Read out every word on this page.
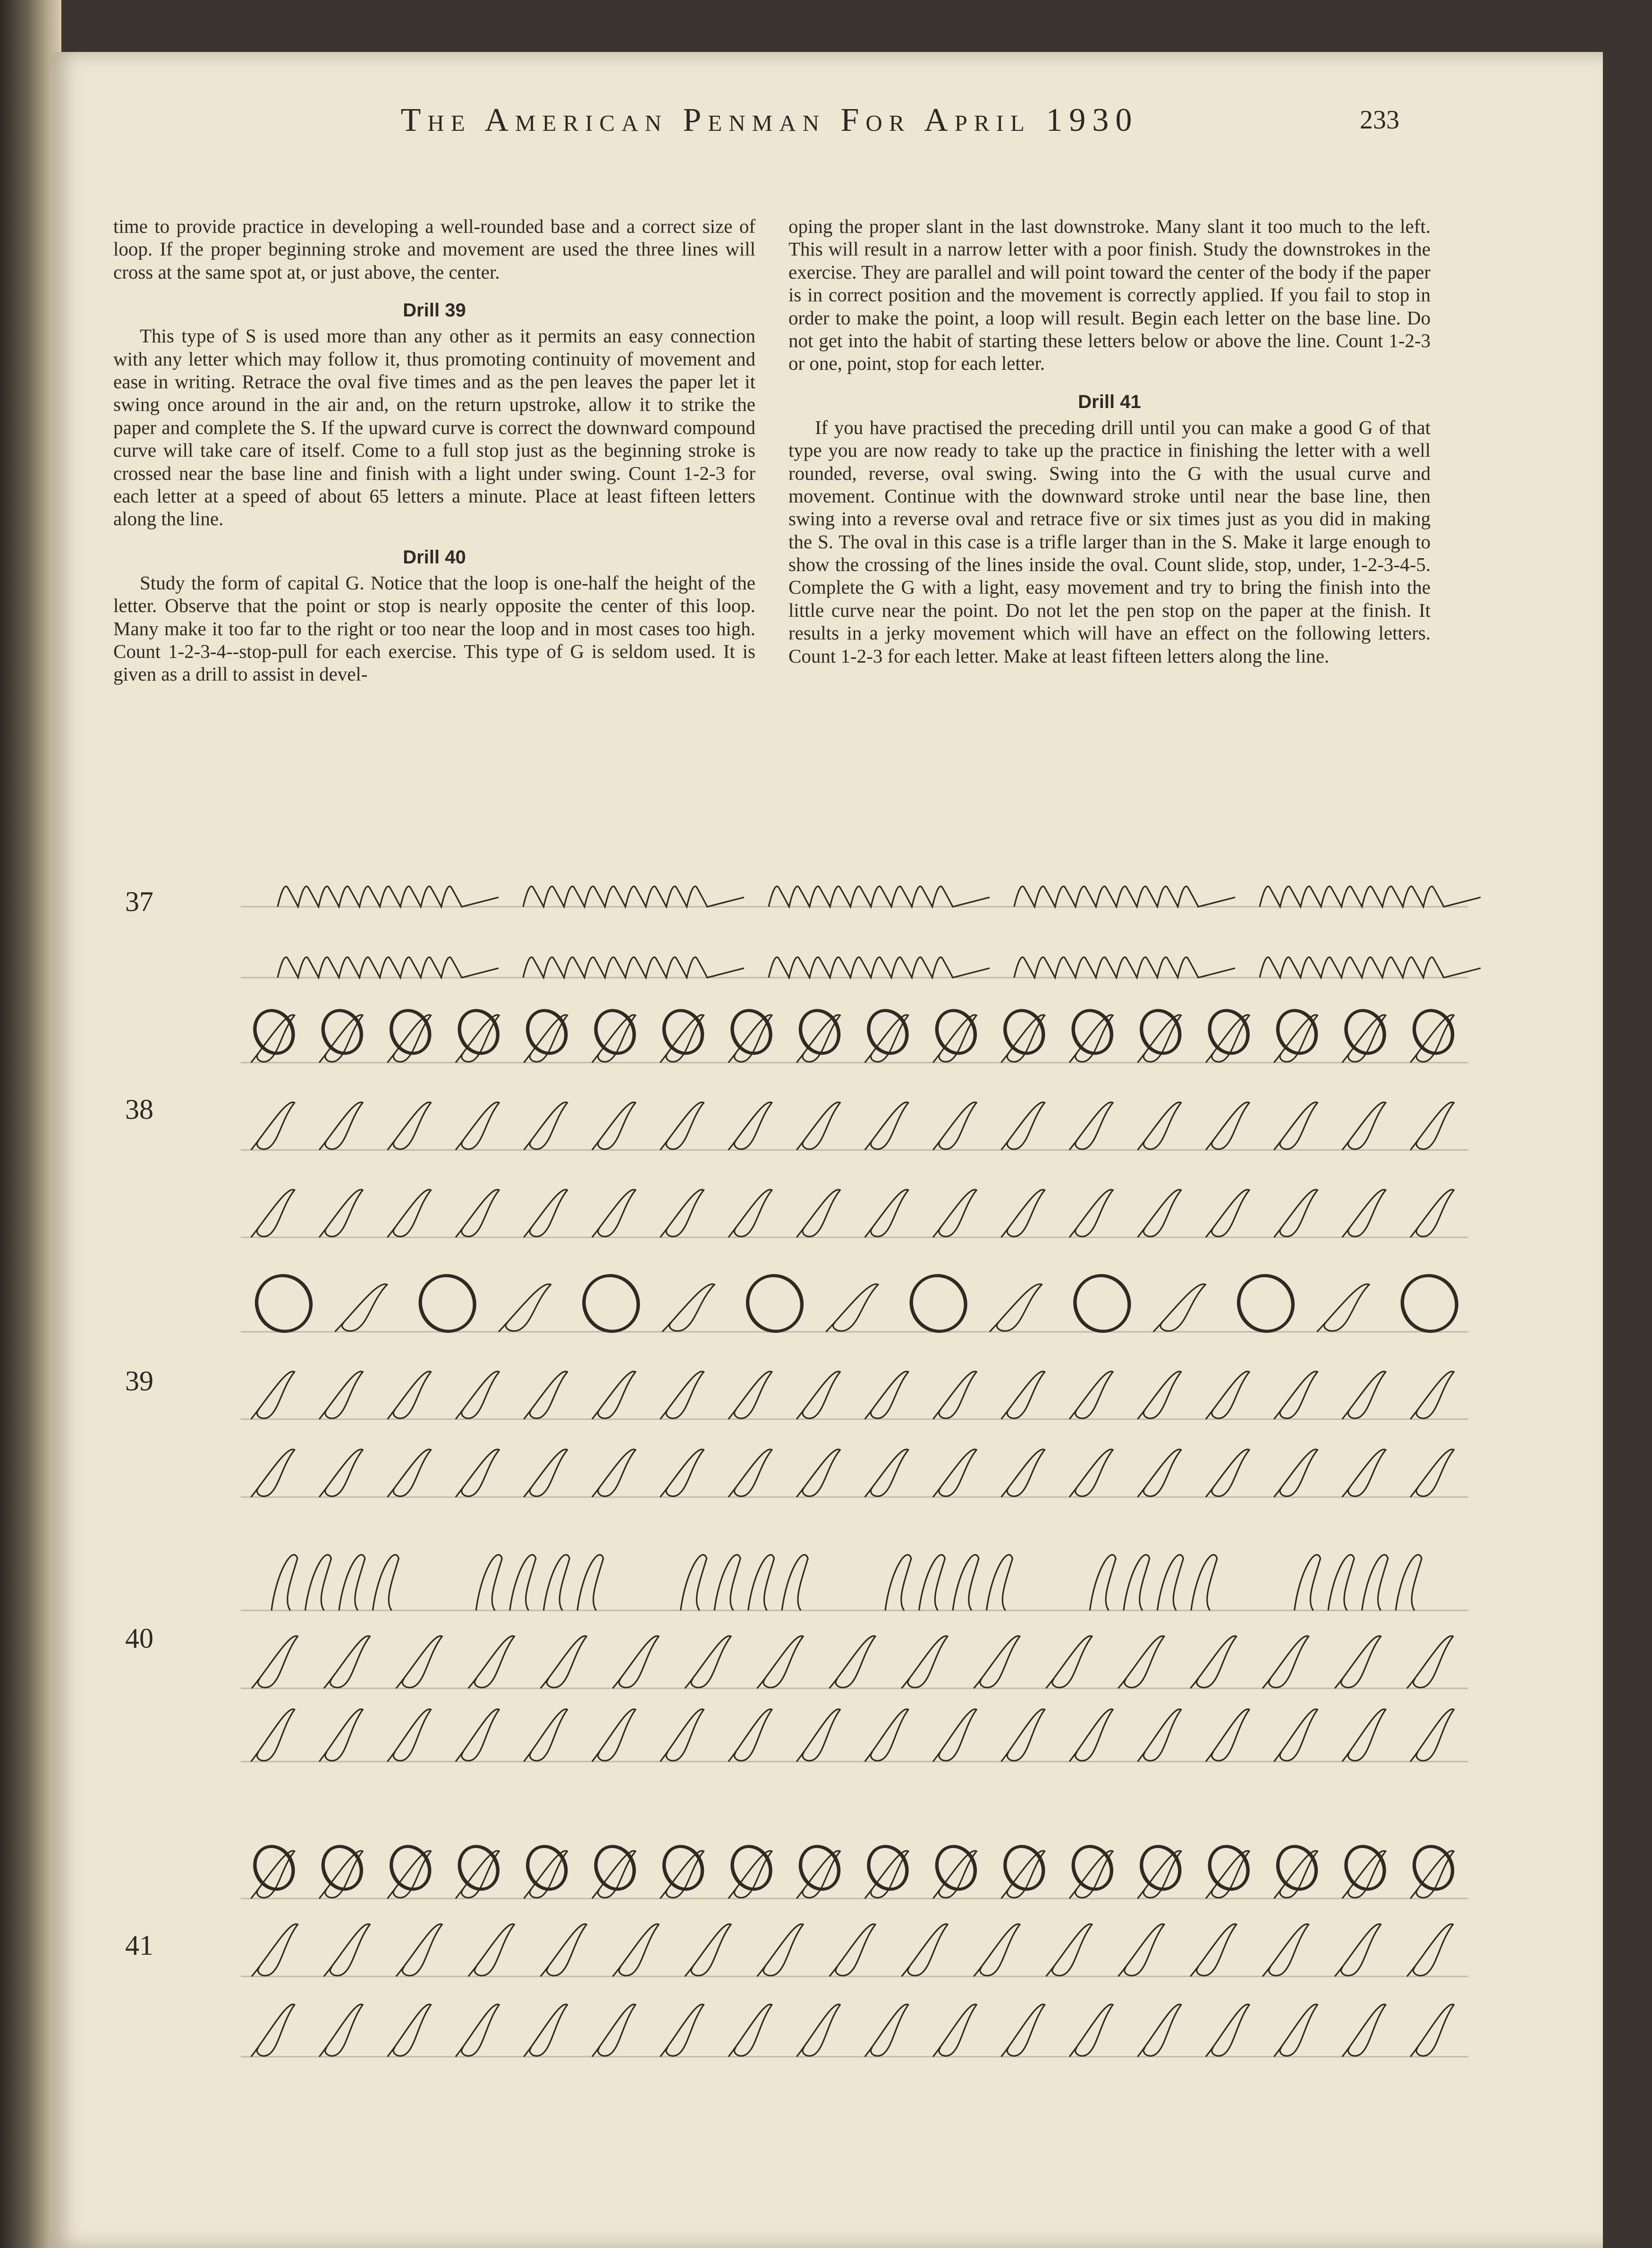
The American Penman For April 1930	233

time to provide practice in developing a well-rounded base and a correct size of loop. If the proper beginning stroke and movement are used the three lines will cross at the same spot at, or just above, the center.

Drill 39

This type of S is used more than any other as it permits an easy connection with any letter which may follow it, thus promoting continuity of movement and ease in writing. Retrace the oval five times and as the pen leaves the paper let it swing once around in the air and, on the return upstroke, allow it to strike the paper and complete the S. If the upward curve is correct the downward compound curve will take care of itself. Come to a full stop just as the beginning stroke is crossed near the base line and finish with a light under swing. Count 1-2-3 for each letter at a speed of about 65 letters a minute. Place at least fifteen letters along the line.

Drill 40

Study the form of capital G. Notice that the loop is one-half the height of the letter. Observe that the point or stop is nearly opposite the center of this loop. Many make it too far to the right or too near the loop and in most cases too high. Count 1-2-3-4--stop-pull for each exercise. This type of G is seldom used. It is given as a drill to assist in devel-

oping the proper slant in the last downstroke. Many slant it too much to the left. This will result in a narrow letter with a poor finish. Study the downstrokes in the exercise. They are parallel and will point toward the center of the body if the paper is in correct position and the movement is correctly applied. If you fail to stop in order to make the point, a loop will result. Begin each letter on the base line. Do not get into the habit of starting these letters below or above the line. Count 1-2-3 or one, point, stop for each letter.

Drill 41

If you have practised the preceding drill until you can make a good G of that type you are now ready to take up the practice in finishing the letter with a well rounded, reverse, oval swing. Swing into the G with the usual curve and movement. Continue with the downward stroke until near the base line, then swing into a reverse oval and retrace five or six times just as you did in making the S. The oval in this case is a trifle larger than in the S. Make it large enough to show the crossing of the lines inside the oval. Count slide, stop, under, 1-2-3-4-5. Complete the G with a light, easy movement and try to bring the finish into the little curve near the point. Do not let the pen stop on the paper at the finish. It results in a jerky movement which will have an effect on the following letters. Count 1-2-3 for each letter. Make at least fifteen letters along the line.

37
38
39
40
41
